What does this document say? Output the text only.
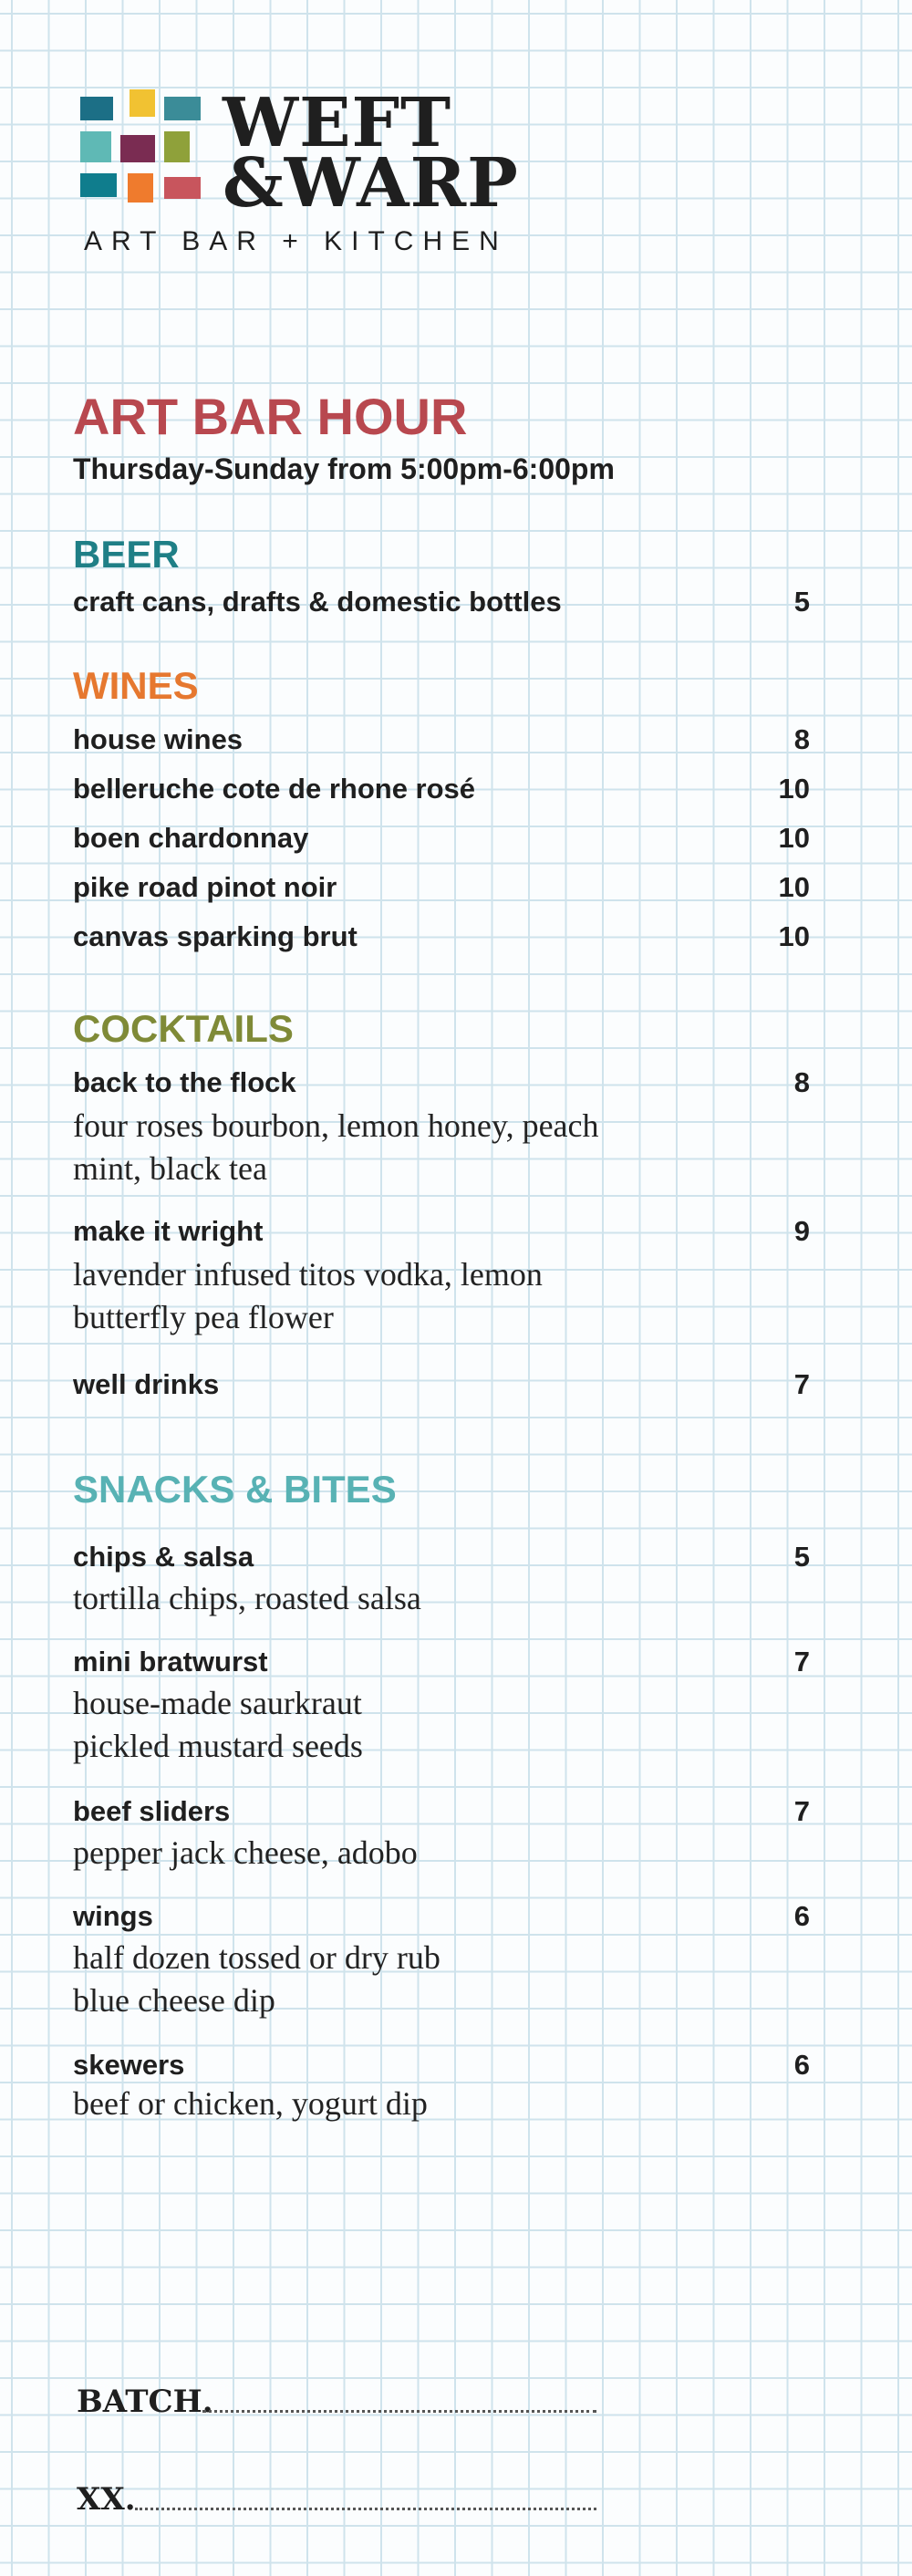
WEFT
&WARP
ART BAR + KITCHEN
ART BAR HOUR
Thursday-Sunday from 5:00pm-6:00pm
BEER
craft cans, drafts & domestic bottles	5
WINES
house wines	8
belleruche cote de rhone rosé	10
boen chardonnay	10
pike road pinot noir	10
canvas sparking brut	10
COCKTAILS
back to the flock	8
four roses bourbon, lemon honey, peach
mint, black tea
make it wright	9
lavender infused titos vodka, lemon
butterfly pea flower
well drinks	7
SNACKS & BITES
chips & salsa	5
tortilla chips, roasted salsa
mini bratwurst	7
house-made saurkraut
pickled mustard seeds
beef sliders	7
pepper jack cheese, adobo
wings	6
half dozen tossed or dry rub
blue cheese dip
skewers	6
beef or chicken, yogurt dip
BATCH.
XX.
